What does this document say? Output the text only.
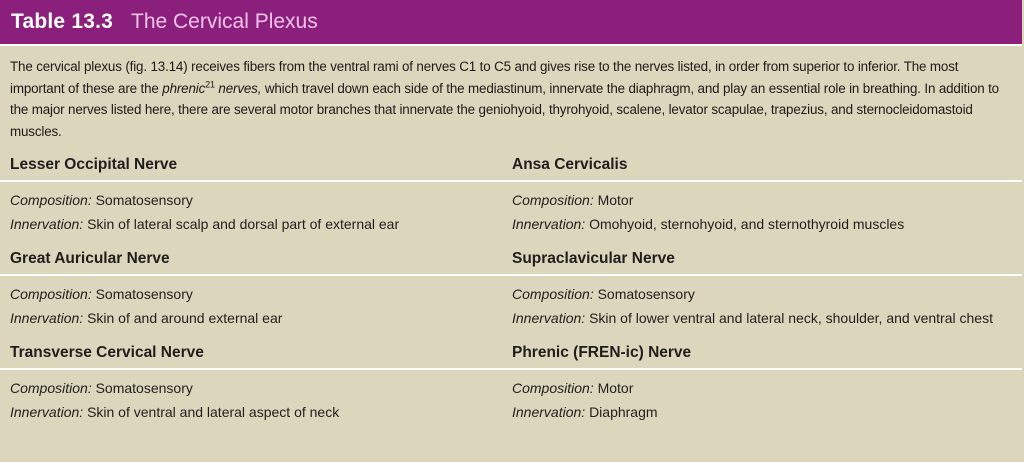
Table 13.3 The Cervical Plexus
The cervical plexus (fig. 13.14) receives fibers from the ventral rami of nerves C1 to C5 and gives rise to the nerves listed, in order from superior to inferior. The most important of these are the phrenic$^{21}$ nerves, which travel down each side of the mediastinum, innervate the diaphragm, and play an essential role in breathing. In addition to the major nerves listed here, there are several motor branches that innervate the geniohyoid, thyrohyoid, scalene, levator scapulae, trapezius, and sternocleidomastoid muscles.
Lesser Occipital Nerve
Composition: Somatosensory
Innervation: Skin of lateral scalp and dorsal part of external ear
Great Auricular Nerve
Composition: Somatosensory
Innervation: Skin of and around external ear
Transverse Cervical Nerve
Composition: Somatosensory
Innervation: Skin of ventral and lateral aspect of neck
Ansa Cervicalis
Composition: Motor
Innervation: Omohyoid, sternohyoid, and sternothyroid muscles
Supraclavicular Nerve
Composition: Somatosensory
Innervation: Skin of lower ventral and lateral neck, shoulder, and ventral chest
Phrenic (FREN-ic) Nerve
Composition: Motor
Innervation: Diaphragm
